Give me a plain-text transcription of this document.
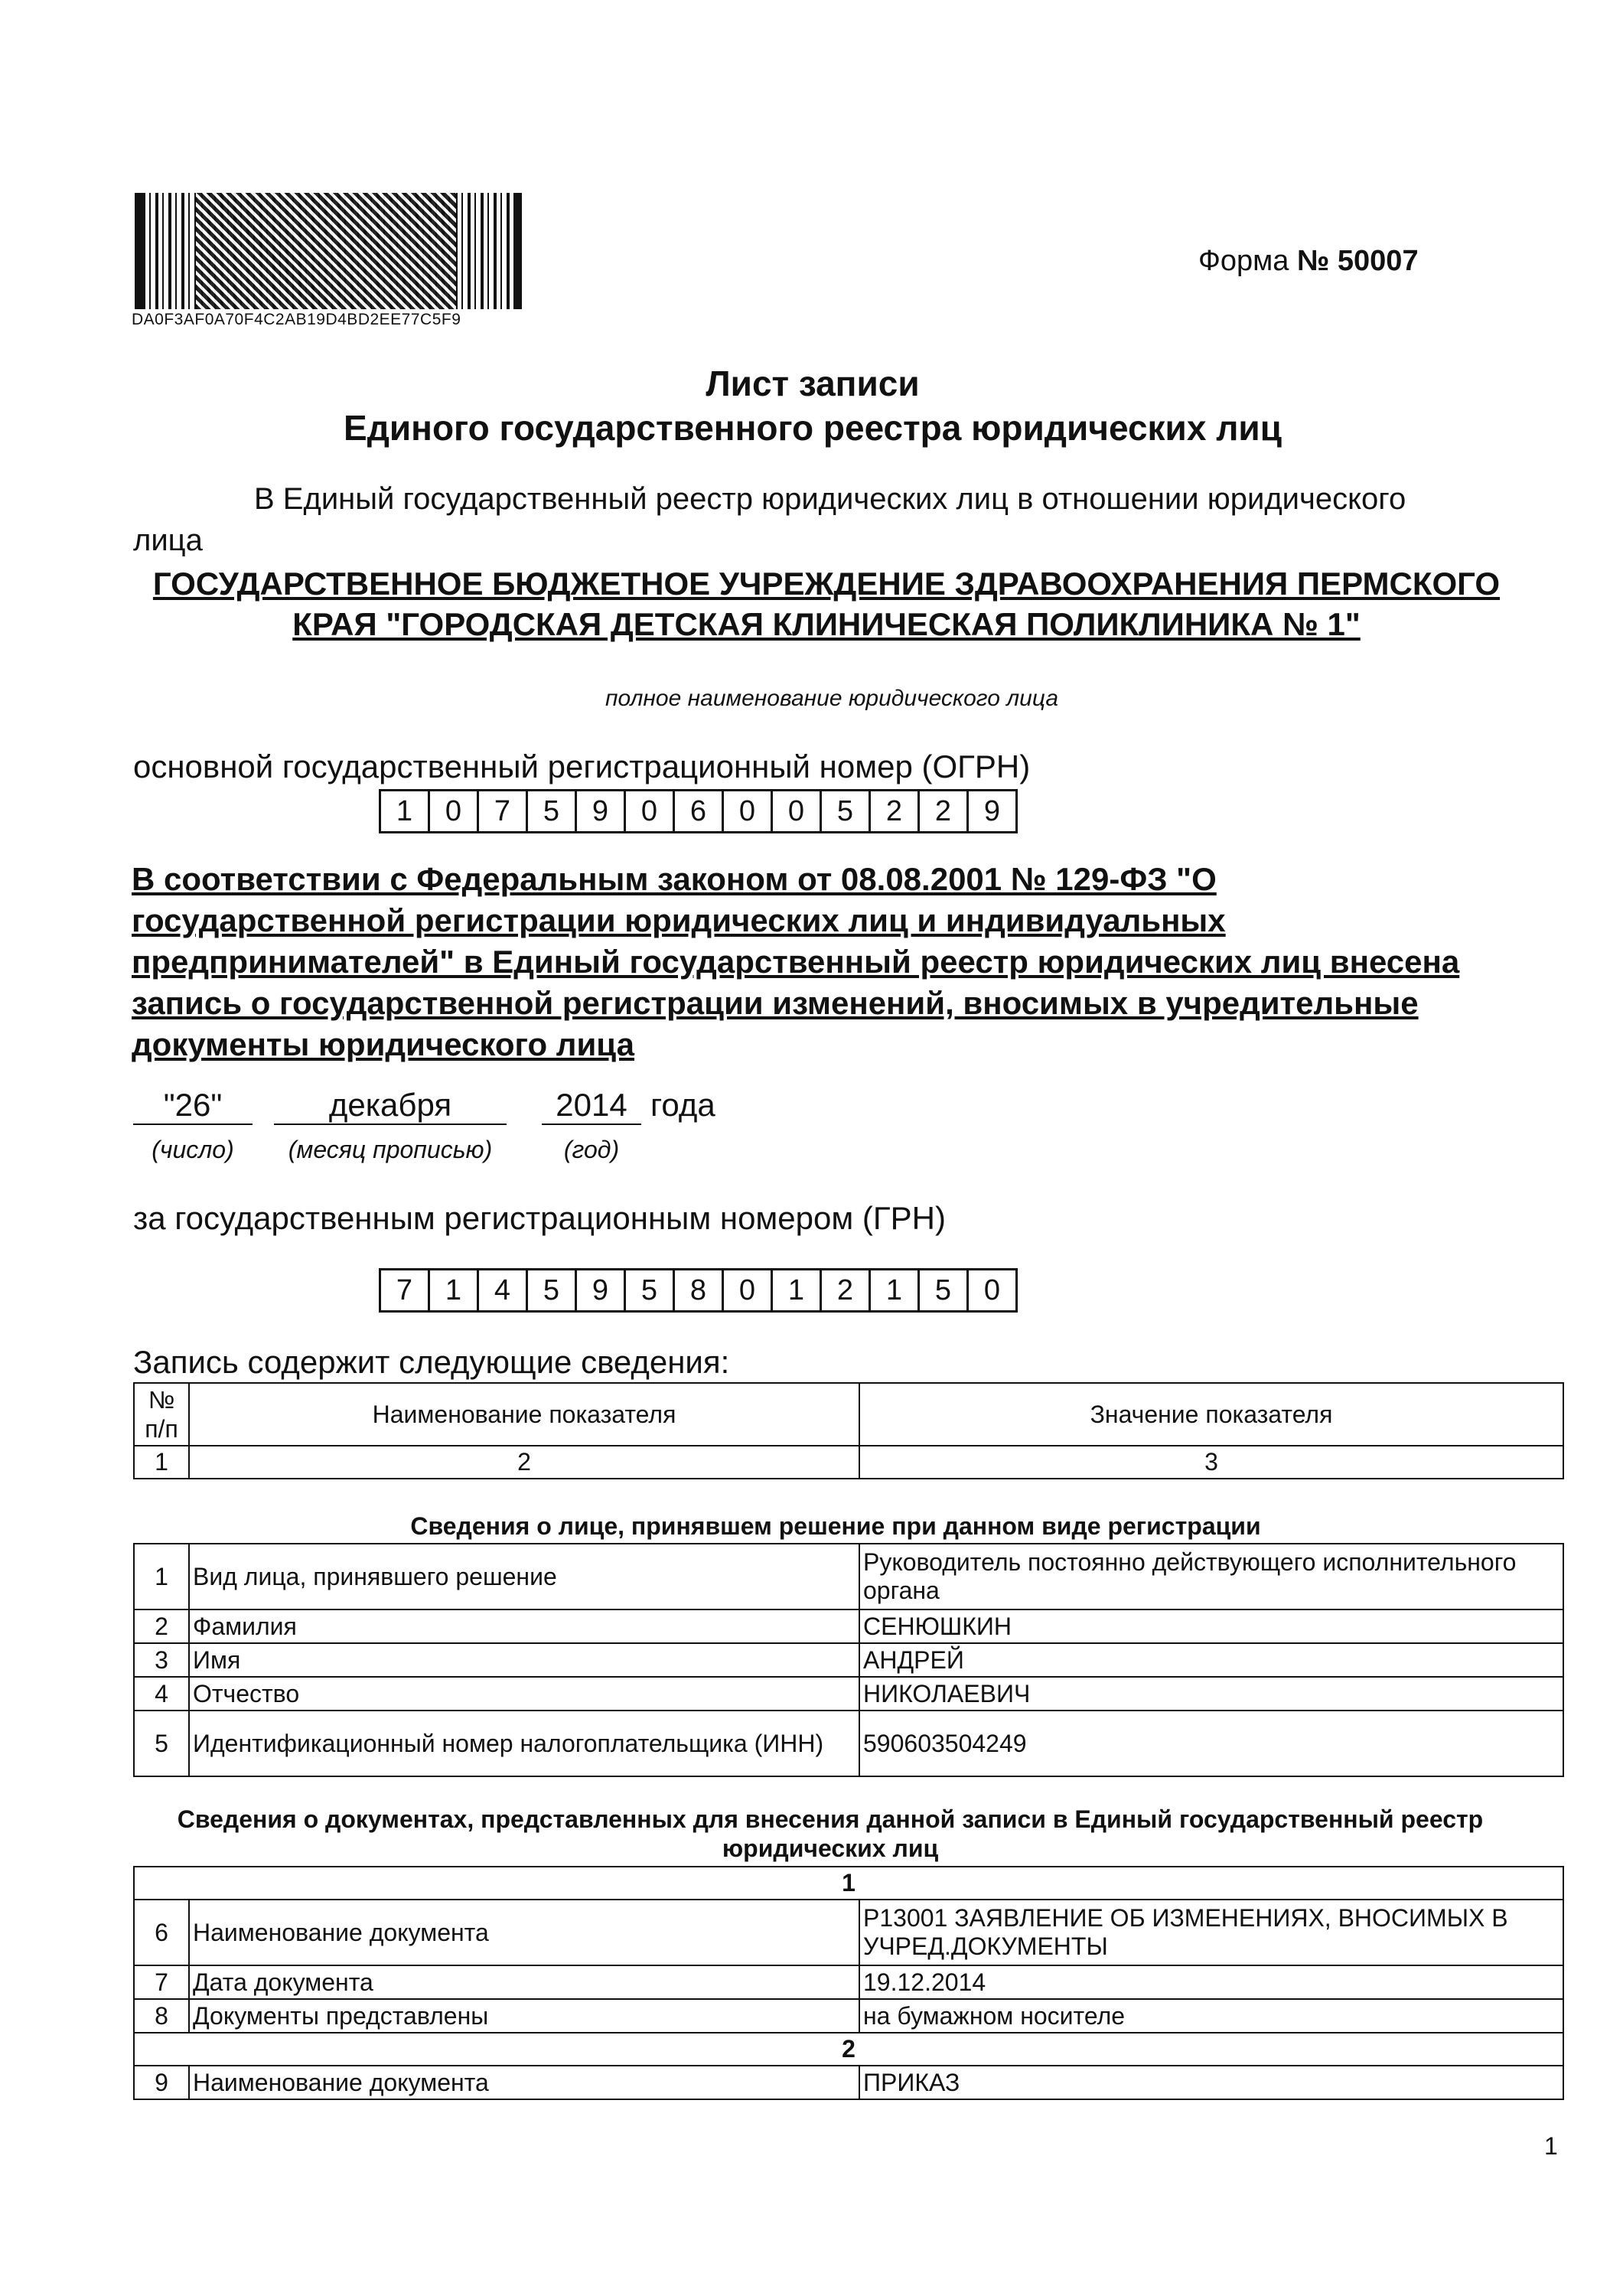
DA0F3AF0A70F4C2AB19D4BD2EE77C5F9
Форма № 50007
Лист записи
Единого государственного реестра юридических лиц
В Единый государственный реестр юридических лиц в отношении юридического
лица
ГОСУДАРСТВЕННОЕ БЮДЖЕТНОЕ УЧРЕЖДЕНИЕ ЗДРАВООХРАНЕНИЯ ПЕРМСКОГО КРАЯ "ГОРОДСКАЯ ДЕТСКАЯ КЛИНИЧЕСКАЯ ПОЛИКЛИНИКА № 1"
полное наименование юридического лица
основной государственный регистрационный номер (ОГРН)
1	0	7	5	9	0	6	0	0	5	2	2	9
В соответствии с Федеральным законом от 08.08.2001 № 129-ФЗ "О государственной регистрации юридических лиц и индивидуальных предпринимателей" в Единый государственный реестр юридических лиц внесена запись о государственной регистрации изменений, вносимых в учредительные документы юридического лица
"26"	декабря	2014 года
(число)	(месяц прописью)	(год)
за государственным регистрационным номером (ГРН)
7	1	4	5	9	5	8	0	1	2	1	5	0
Запись содержит следующие сведения:
№ п/п	Наименование показателя	Значение показателя
1	2	3
Сведения о лице, принявшем решение при данном виде регистрации
1	Вид лица, принявшего решение	Руководитель постоянно действующего исполнительного органа
2	Фамилия	СЕНЮШКИН
3	Имя	АНДРЕЙ
4	Отчество	НИКОЛАЕВИЧ
5	Идентификационный номер налогоплательщика (ИНН)	590603504249
Сведения о документах, представленных для внесения данной записи в Единый государственный реестр юридических лиц
1		
6	Наименование документа	Р13001 ЗАЯВЛЕНИЕ ОБ ИЗМЕНЕНИЯХ, ВНОСИМЫХ В УЧРЕД.ДОКУМЕНТЫ
7	Дата документа	19.12.2014
8	Документы представлены	на бумажном носителе
2		
9	Наименование документа	ПРИКАЗ
1
